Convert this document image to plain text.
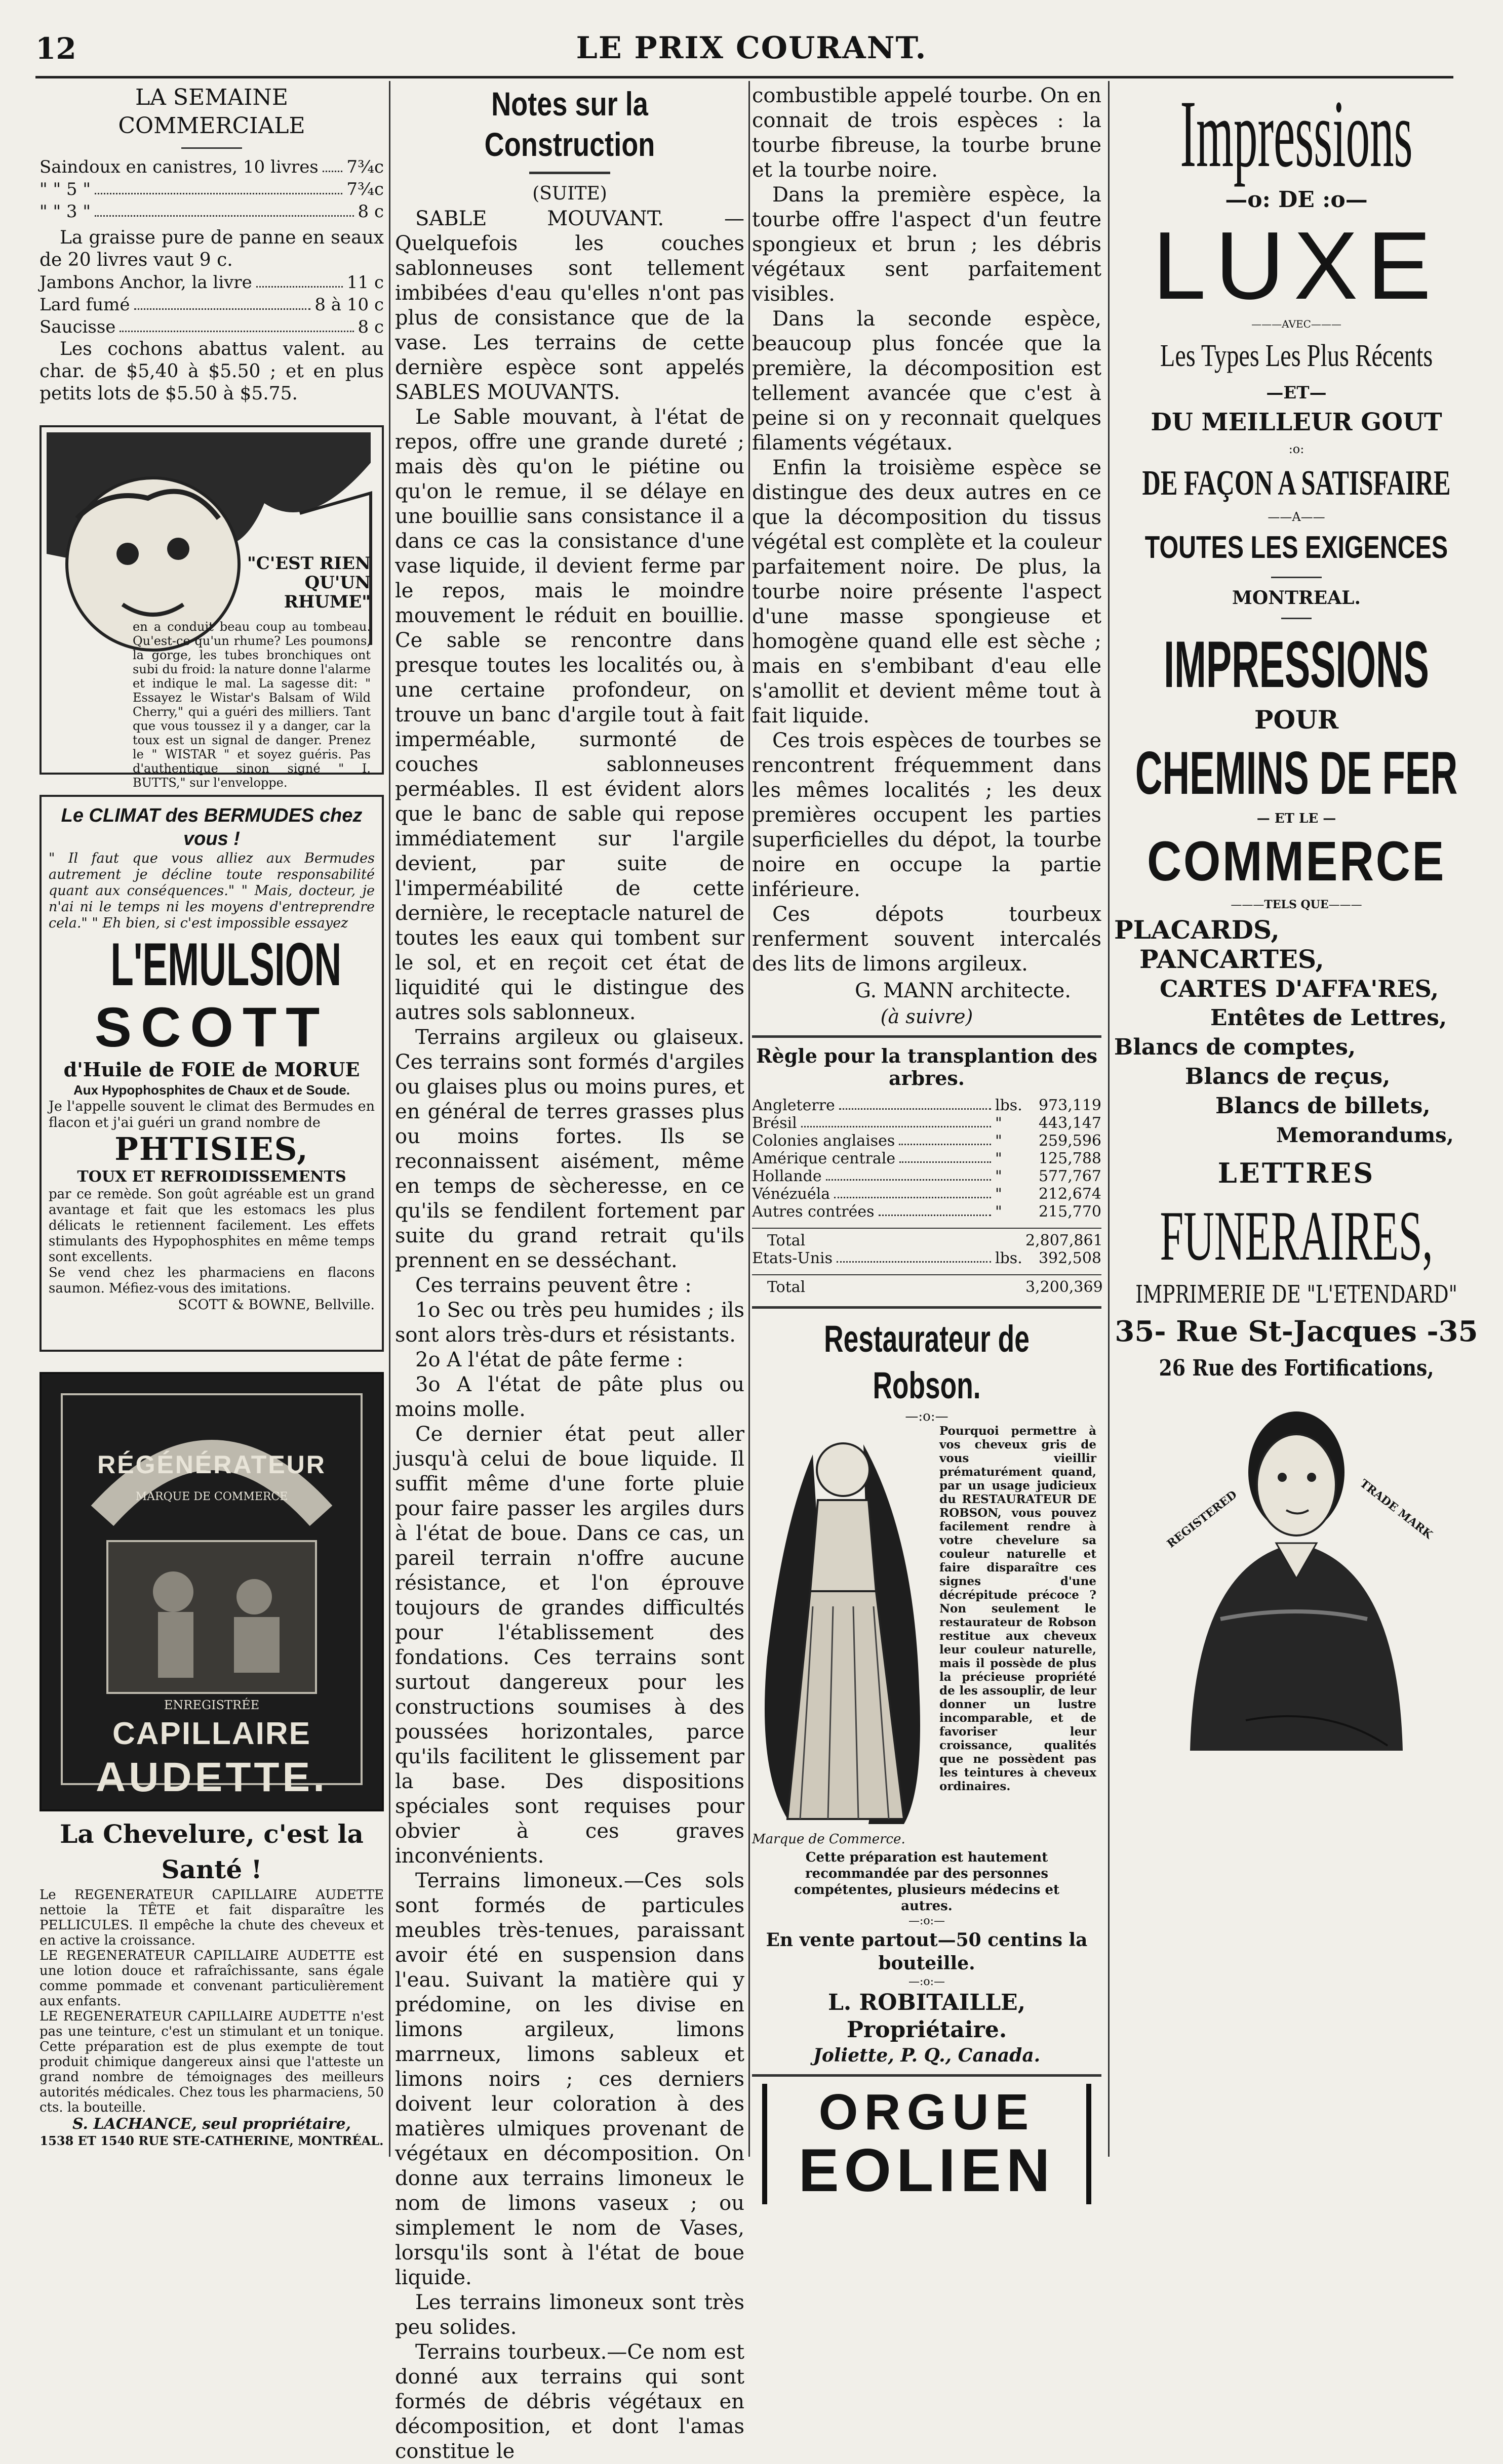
12	LE PRIX COURANT.
LA SEMAINE COMMERCIALE
Saindoux en canistres, 10 livres 7¾c
" " 5 "	7¾c
" " 3 "	8 c

La graisse pure de panne en seaux de 20 livres vaut 9 c.

Jambons Anchor, la livre	11 c
Lard fumé	8 à 10 c
Saucisse	8 c

Les cochons abattus valent. au char. de $5,40 à $5.50 ; et en plus petits lots de $5.50 à $5.75.

"C'EST RIEN QU'UN RHUME"
en a conduit beau coup au tombeau. Qu'est-ce qu'un rhume? Les poumons, la gorge, les tubes bronchiques ont subi du froid: la nature donne l'alarme et indique le mal. La sagesse dit: " Essayez le Wistar's Balsam of Wild Cherry," qui a guéri des milliers. Tant que vous toussez il y a danger, car la toux est un signal de danger. Prenez le " WISTAR " et soyez guéris. Pas d'authentique sinon signé " I. BUTTS," sur l'enveloppe.
Le CLIMAT des BERMUDES chez vous !
" Il faut que vous alliez aux Bermudes autrement je décline toute responsabilité quant aux conséquences." " Mais, docteur, je n'ai ni le temps ni les moyens d'entreprendre cela." " Eh bien, si c'est impossible essayez
L'EMULSION
SCOTT
d'Huile de FOIE de MORUE
Aux Hypophosphites de Chaux et de Soude.
Je l'appelle souvent le climat des Bermudes en flacon et j'ai guéri un grand nombre de
PHTISIES,
TOUX ET REFROIDISSEMENTS
par ce remède. Son goût agréable est un grand avantage et fait que les estomacs les plus délicats le retiennent facilement. Les effets stimulants des Hypophosphites en même temps sont excellents.
Se vend chez les pharmaciens en flacons saumon. Méfiez-vous des imitations.
SCOTT & BOWNE, Bellville.
RÉGÉNÉRATEUR
MARQUE DE COMMERCE
ENREGISTRÉE
CAPILLAIRE
AUDETTE.
La Chevelure, c'est la Santé !
Le REGENERATEUR CAPILLAIRE AUDETTE nettoie la TÊTE et fait disparaître les PELLICULES. Il empêche la chute des cheveux et en active la croissance.
LE REGENERATEUR CAPILLAIRE AUDETTE est une lotion douce et rafraîchissante, sans égale comme pommade et convenant particulièrement aux enfants.
LE REGENERATEUR CAPILLAIRE AUDETTE n'est pas une teinture, c'est un stimulant et un tonique. Cette préparation est de plus exempte de tout produit chimique dangereux ainsi que l'atteste un grand nombre de témoignages des meilleurs autorités médicales. Chez tous les pharmaciens, 50 cts. la bouteille.
S. LACHANCE, seul propriétaire,
1538 ET 1540 RUE STE-CATHERINE, MONTRÉAL.
Notes sur la Construction
(SUITE)

SABLE MOUVANT. — Quelquefois les couches sablonneuses sont tellement imbibées d'eau qu'elles n'ont pas plus de consistance que de la vase. Les terrains de cette dernière espèce sont appelés SABLES MOUVANTS.

Le Sable mouvant, à l'état de repos, offre une grande dureté ; mais dès qu'on le piétine ou qu'on le remue, il se délaye en une bouillie sans consistance il a dans ce cas la consistance d'une vase liquide, il devient ferme par le repos, mais le moindre mouvement le réduit en bouillie. Ce sable se rencontre dans presque toutes les localités ou, à une certaine profondeur, on trouve un banc d'argile tout à fait imperméable, surmonté de couches sablonneuses perméables. Il est évident alors que le banc de sable qui repose immédiatement sur l'argile devient, par suite de l'imperméabilité de cette dernière, le receptacle naturel de toutes les eaux qui tombent sur le sol, et en reçoit cet état de liquidité qui le distingue des autres sols sablonneux.

Terrains argileux ou glaiseux. Ces terrains sont formés d'argiles ou glaises plus ou moins pures, et en général de terres grasses plus ou moins fortes. Ils se reconnaissent aisément, même en temps de sècheresse, en ce qu'ils se fendilent fortement par suite du grand retrait qu'ils prennent en se desséchant.

Ces terrains peuvent être :

1o Sec ou très peu humides ; ils sont alors très-durs et résistants.

2o A l'état de pâte ferme :

3o A l'état de pâte plus ou moins molle.

Ce dernier état peut aller jusqu'à celui de boue liquide. Il suffit même d'une forte pluie pour faire passer les argiles durs à l'état de boue. Dans ce cas, un pareil terrain n'offre aucune résistance, et l'on éprouve toujours de grandes difficultés pour l'établissement des fondations. Ces terrains sont surtout dangereux pour les constructions soumises à des poussées horizontales, parce qu'ils facilitent le glissement par la base. Des dispositions spéciales sont requises pour obvier à ces graves inconvénients.

Terrains limoneux.—Ces sols sont formés de particules meubles très-tenues, paraissant avoir été en suspension dans l'eau. Suivant la matière qui y prédomine, on les divise en limons argileux, limons marrneux, limons sableux et limons noirs ; ces derniers doivent leur coloration à des matières ulmiques provenant de végétaux en décomposition. On donne aux terrains limoneux le nom de limons vaseux ; ou simplement le nom de Vases, lorsqu'ils sont à l'état de boue liquide.

Les terrains limoneux sont très peu solides.

Terrains tourbeux.—Ce nom est donné aux terrains qui sont formés de débris végétaux en décomposition, et dont l'amas constitue le

combustible appelé tourbe. On en connait de trois espèces : la tourbe fibreuse, la tourbe brune et la tourbe noire.

Dans la première espèce, la tourbe offre l'aspect d'un feutre spongieux et brun ; les débris végétaux sent parfaitement visibles.

Dans la seconde espèce, beaucoup plus foncée que la première, la décomposition est tellement avancée que c'est à peine si on y reconnait quelques filaments végétaux.

Enfin la troisième espèce se distingue des deux autres en ce que la décomposition du tissus végétal est complète et la couleur parfaitement noire. De plus, la tourbe noire présente l'aspect d'une masse spongieuse et homogène quand elle est sèche ; mais en s'embibant d'eau elle s'amollit et devient même tout à fait liquide.

Ces trois espèces de tourbes se rencontrent fréquemment dans les mêmes localités ; les deux premières occupent les parties superficielles du dépot, la tourbe noire en occupe la partie inférieure.

Ces dépots tourbeux renferment souvent intercalés des lits de limons argileux.

G. MANN architecte.
(à suivre)
Règle pour la transplantion des arbres.
Angleterre	lbs.	973,119
Brésil	"	443,147
Colonies anglaises	"	259,596
Amérique centrale	"	125,788
Hollande	"	577,767
Vénézuéla	"	212,674
Autres contrées	"	215,770
Total	2,807,861
Etats-Unis	lbs.	392,508
Total	3,200,369
Restaurateur de Robson.
—:o:—
Pourquoi permettre à vos cheveux gris de vous vieillir prématurément quand, par un usage judicieux du RESTAURATEUR DE ROBSON, vous pouvez facilement rendre à votre chevelure sa couleur naturelle et faire disparaître ces signes d'une décrépitude précoce ? Non seulement le restaurateur de Robson restitue aux cheveux leur couleur naturelle, mais il possède de plus la précieuse propriété de les assouplir, de leur donner un lustre incomparable, et de favoriser leur croissance, qualités que ne possèdent pas les teintures à cheveux ordinaires.
Marque de Commerce.
Cette préparation est hautement recommandée par des personnes compétentes, plusieurs médecins et autres.
—:o:—
En vente partout—50 centins la bouteille.
—:o:—
L. ROBITAILLE, Propriétaire.
Joliette, P. Q., Canada.
ORGUE
EOLIEN
Impressions
—o: DE :o—
LUXE
———AVEC———
Les Types Les Plus Récents
—ET—
DU MEILLEUR GOUT
:o:
DE FAÇON A SATISFAIRE
——A——
TOUTES LES EXIGENCES
MONTREAL.
IMPRESSIONS
POUR
CHEMINS DE FER
— ET LE —
COMMERCE
———TELS QUE———
PLACARDS,
PANCARTES,
CARTES D'AFFA'RES,
Entêtes de Lettres,
Blancs de comptes,
Blancs de reçus,
Blancs de billets,
Memorandums,
LETTRES
FUNERAIRES,
IMPRIMERIE DE "L'ETENDARD"
35- Rue St-Jacques -35
26 Rue des Fortifications,
REGISTERED	TRADE MARK
